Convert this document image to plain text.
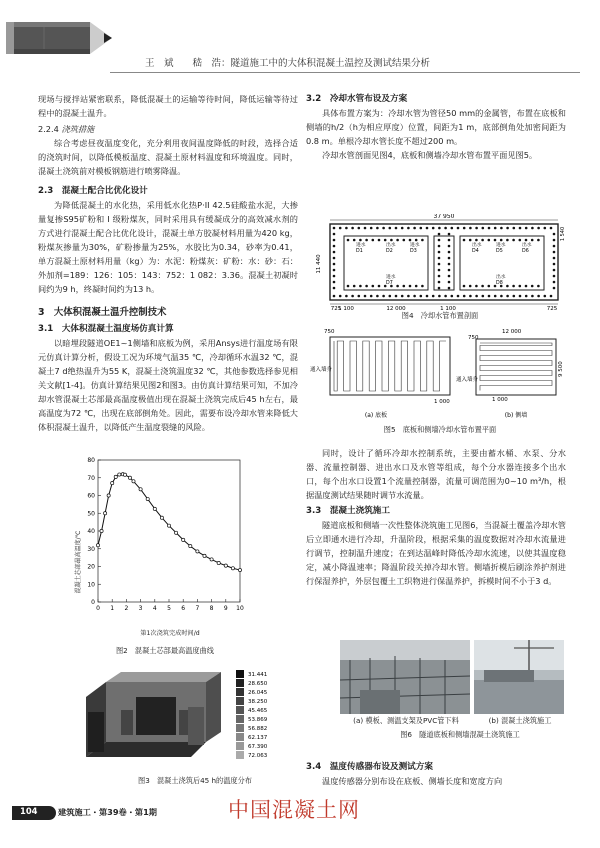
王　斌　　嵇　浩：隧道施工中的大体积混凝土温控及测试结果分析

现场与搅拌站紧密联系，降低混凝土的运输等待时间，降低运输等待过程中的混凝土温升。

2.2.4 浇筑措施

综合考虑昼夜温度变化，充分利用夜间温度降低的时段，选择合适的浇筑时间，以降低模板温度、混凝土原材料温度和环境温度。同时，混凝土浇筑前对模板钢筋进行喷雾降温。

2.3　混凝土配合比优化设计

为降低混凝土的水化热，采用低水化热P·II 42.5硅酸盐水泥，大掺量复掺S95矿粉和 I 级粉煤灰，同时采用具有缓凝成分的高效减水剂的方式进行混凝土配合比优化设计，混凝土单方胶凝材料用量为420 kg，粉煤灰掺量为30%，矿粉掺量为25%，水胶比为0.34，砂率为0.41，单方混凝土原材料用量（kg）为：水泥：粉煤灰：矿粉：水：砂：石：外加剂=189：126：105：143：752：1 082：3.36。混凝土初凝时间约为9 h，终凝时间约为13 h。

3　大体积混凝土温升控制技术

3.1　大体积混凝土温度场仿真计算

以暗埋段隧道OE1~1侧墙和底板为例，采用Ansys进行温度场有限元仿真计算分析，假设工况为环境气温35 ℃，冷却循环水温32 ℃，混凝土7 d绝热温升为55 K，混凝土浇筑温度32 ℃，其他参数选择参见相关文献[1-4]。仿真计算结果见图2和图3。由仿真计算结果可知，不加冷却水管混凝土芯部最高温度极值出现在混凝土浇筑完成后45 h左右，最高温度为72 ℃，出现在底部倒角处。因此，需要布设冷却水管来降低大体积混凝土温升，以降低产生温度裂缝的风险。

0 1 2 3 4 5 6 7 8 9 10
0
10
20
30
40
50
60
70
80
混凝土芯部最高温度/℃
第1次浇筑完成时间/d
图2　混凝土芯部最高温度曲线
31.441
28.650
26.045
38.250
45.465
53.869
56.882
62.137
67.390
72.063
图3　混凝土浇筑后45 h的温度分布

3.2　冷却水管布设及方案

具体布置方案为：冷却水管为管径50 mm的金属管，布置在底板和侧墙的h/2（h为相应厚度）位置，间距为1 m，底部倒角处加密间距为0.8 m。单根冷却水管长度不超过200 m。

冷却水管剖面见图4，底板和侧墙冷却水管布置平面见图5。

37 950
11 440
1 540
进水
D1
出水
D2
进水
D3
出水
D4
进水
D5
出水
D6
进水
D7
出水
D8
725
1 100	12 000	1 100	725
图4　冷却水管布置剖面
750
通入墙身
1 000
12 000
750
9 500
通入墙身
1 000
(a) 底板	(b) 侧墙
图5　底板和侧墙冷却水管布置平面

同时，设计了循环冷却水控制系统，主要由蓄水桶、水泵、分水器、流量控制器、进出水口及水管等组成，每个分水器连接多个出水口，每个出水口设置1个流量控制器，流量可调范围为0~10 m³/h，根据温度测试结果随时调节水流量。

3.3　混凝土浇筑施工

隧道底板和侧墙一次性整体浇筑施工见图6，当混凝土覆盖冷却水管后立即通水进行冷却，升温阶段，根据采集的温度数据对冷却水流量进行调节，控制温升速度；在到达温峰时降低冷却水流速，以使其温度稳定，减小降温速率；降温阶段关掉冷却水管。侧墙折模后刷涂养护剂进行保湿养护，外层包覆土工织物进行保温养护，拆模时间不小于3 d。

(a) 模板、测温支架及PVC管下料	(b) 混凝土浇筑施工
图6　隧道底板和侧墙混凝土浇筑施工

3.4　温度传感器布设及测试方案

温度传感器分别布设在底板、侧墙长度和宽度方向

104	建筑施工・第39卷・第1期	中国混凝土网
